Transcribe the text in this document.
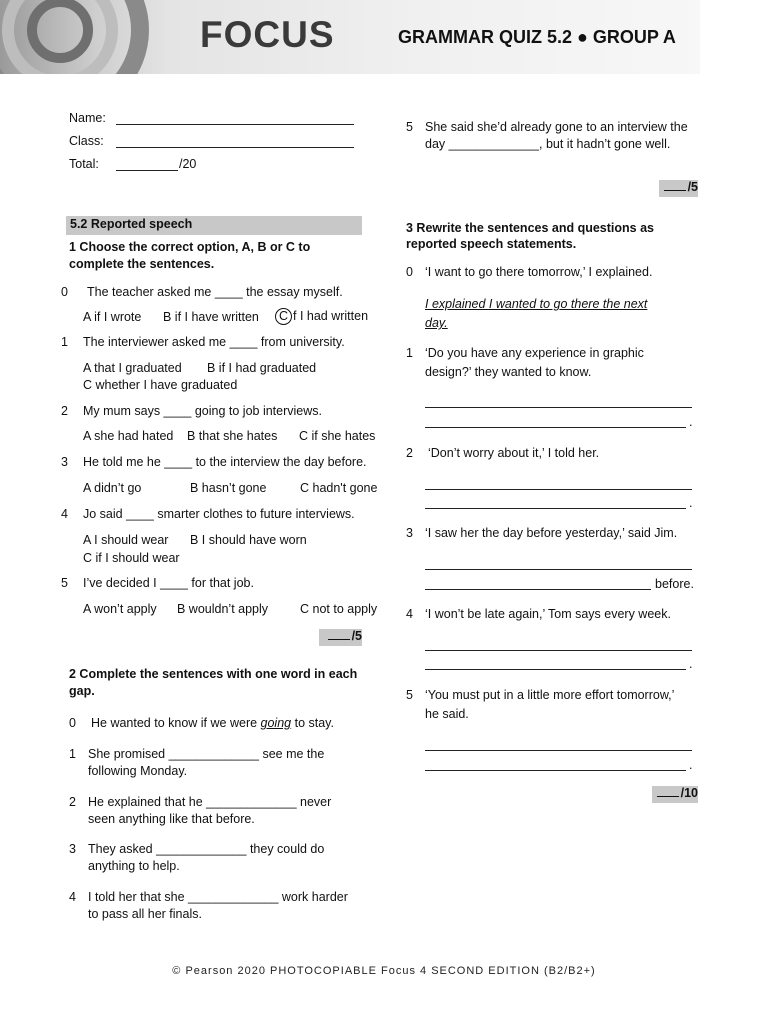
FOCUS	GRAMMAR QUIZ 5.2 ● GROUP A
Name:
Class:
Total:	/20
5.2 Reported speech
1 Choose the correct option, A, B or C to
complete the sentences.
0 The teacher asked me ____ the essay myself.
A if I wrote B if I have written	C f I had written
1 The interviewer asked me ____ from university.
A that I graduated B if I had graduated
C whether I have graduated
2 My mum says ____ going to job interviews.
A she had hated B that she hates C if she hates
3 He told me he ____ to the interview the day before.
A didn’t go	B hasn’t gone	C hadn't gone
4 Jo said ____ smarter clothes to future interviews.
A I should wear B I should have worn
C if I should wear
5 I’ve decided I ____ for that job.
A won’t apply B wouldn’t apply	C not to apply
/5
2 Complete the sentences with one word in each
gap.
0 He wanted to know if we were going to stay.
1 She promised _____________ see me the
following Monday.
2 He explained that he _____________ never
seen anything like that before.
3 They asked _____________ they could do
anything to help.
4 I told her that she _____________ work harder
to pass all her finals.
5 She said she’d already gone to an interview the
day _____________, but it hadn’t gone well.
/5
3 Rewrite the sentences and questions as
reported speech statements.
0 ‘I want to go there tomorrow,’ I explained.
I explained I wanted to go there the next
day.
1 ‘Do you have any experience in graphic
design?’ they wanted to know.
.
2 ‘Don’t worry about it,’ I told her.
.
3 ‘I saw her the day before yesterday,’ said Jim.
before.
4 ‘I won’t be late again,’ Tom says every week.
.
5 ‘You must put in a little more effort tomorrow,’
he said.
.
/10
© Pearson 2020 PHOTOCOPIABLE Focus 4 SECOND EDITION (B2/B2+)
